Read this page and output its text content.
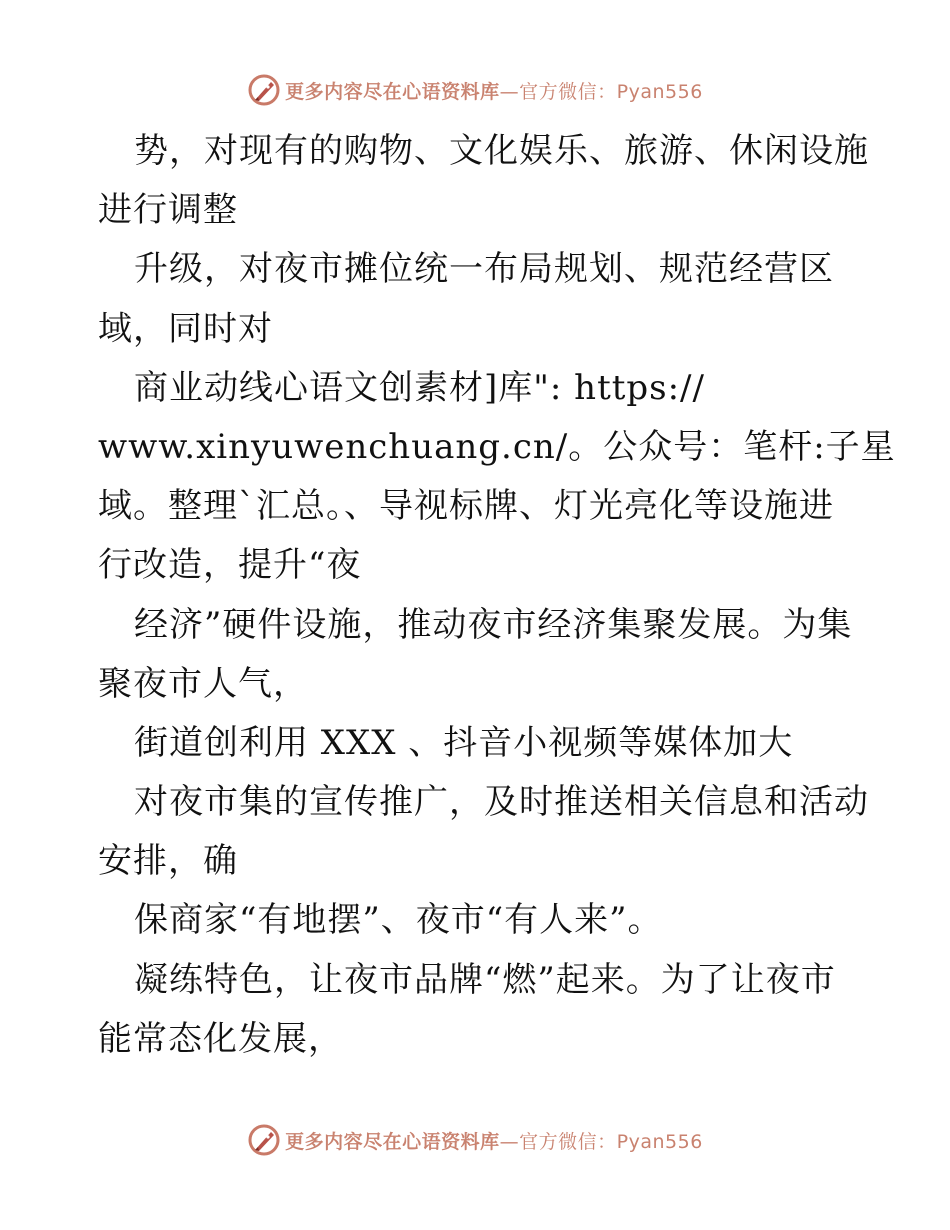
更多内容尽在心语资料库—官方微信：Pyan556
势，对现有的购物、文化娱乐、旅游、休闲设施
进行调整
升级，对夜市摊位统一布局规划、规范经营区
域，同时对
商业动线心语文创素材]库": https://
www.xinyuwenchuang.cn/。公众号：笔杆:子星
域。整理`汇总。、导视标牌、灯光亮化等设施进
行改造，提升“夜
经济”硬件设施，推动夜市经济集聚发展。为集
聚夜市人气，
街道创利用 XXX 、抖音小视频等媒体加大
对夜市集的宣传推广，及时推送相关信息和活动
安排，确
保商家“有地摆”、夜市“有人来”。
凝练特色，让夜市品牌“燃”起来。为了让夜市
能常态化发展，
更多内容尽在心语资料库—官方微信：Pyan556
